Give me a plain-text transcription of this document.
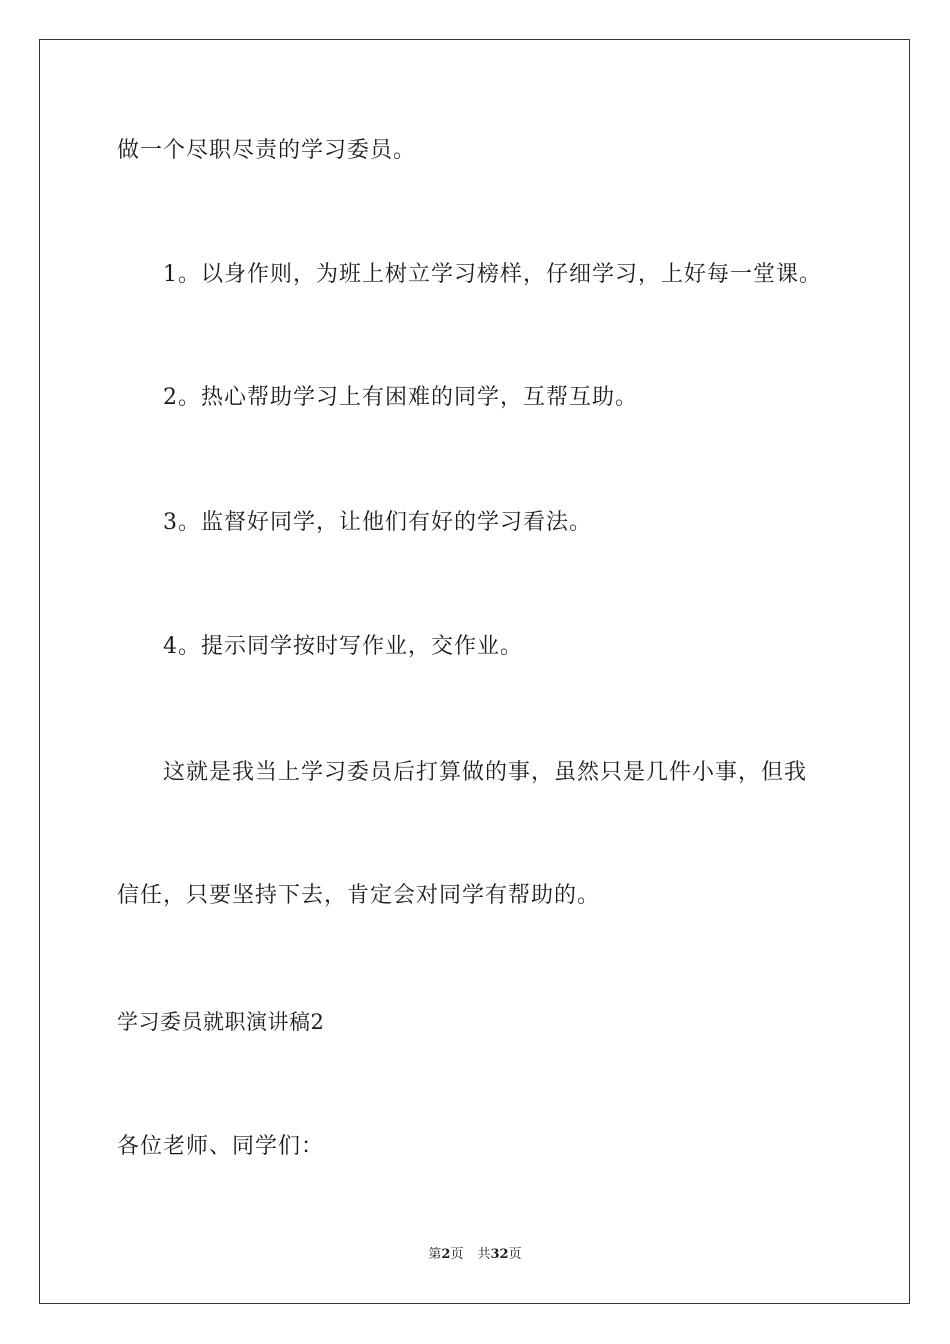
做一个尽职尽责的学习委员。
1。以身作则，为班上树立学习榜样，仔细学习，上好每一堂课。
2。热心帮助学习上有困难的同学，互帮互助。
3。监督好同学，让他们有好的学习看法。
4。提示同学按时写作业，交作业。
这就是我当上学习委员后打算做的事，虽然只是几件小事，但我
信任，只要坚持下去，肯定会对同学有帮助的。
学习委员就职演讲稿2
各位老师、同学们：
第2页 共32页
